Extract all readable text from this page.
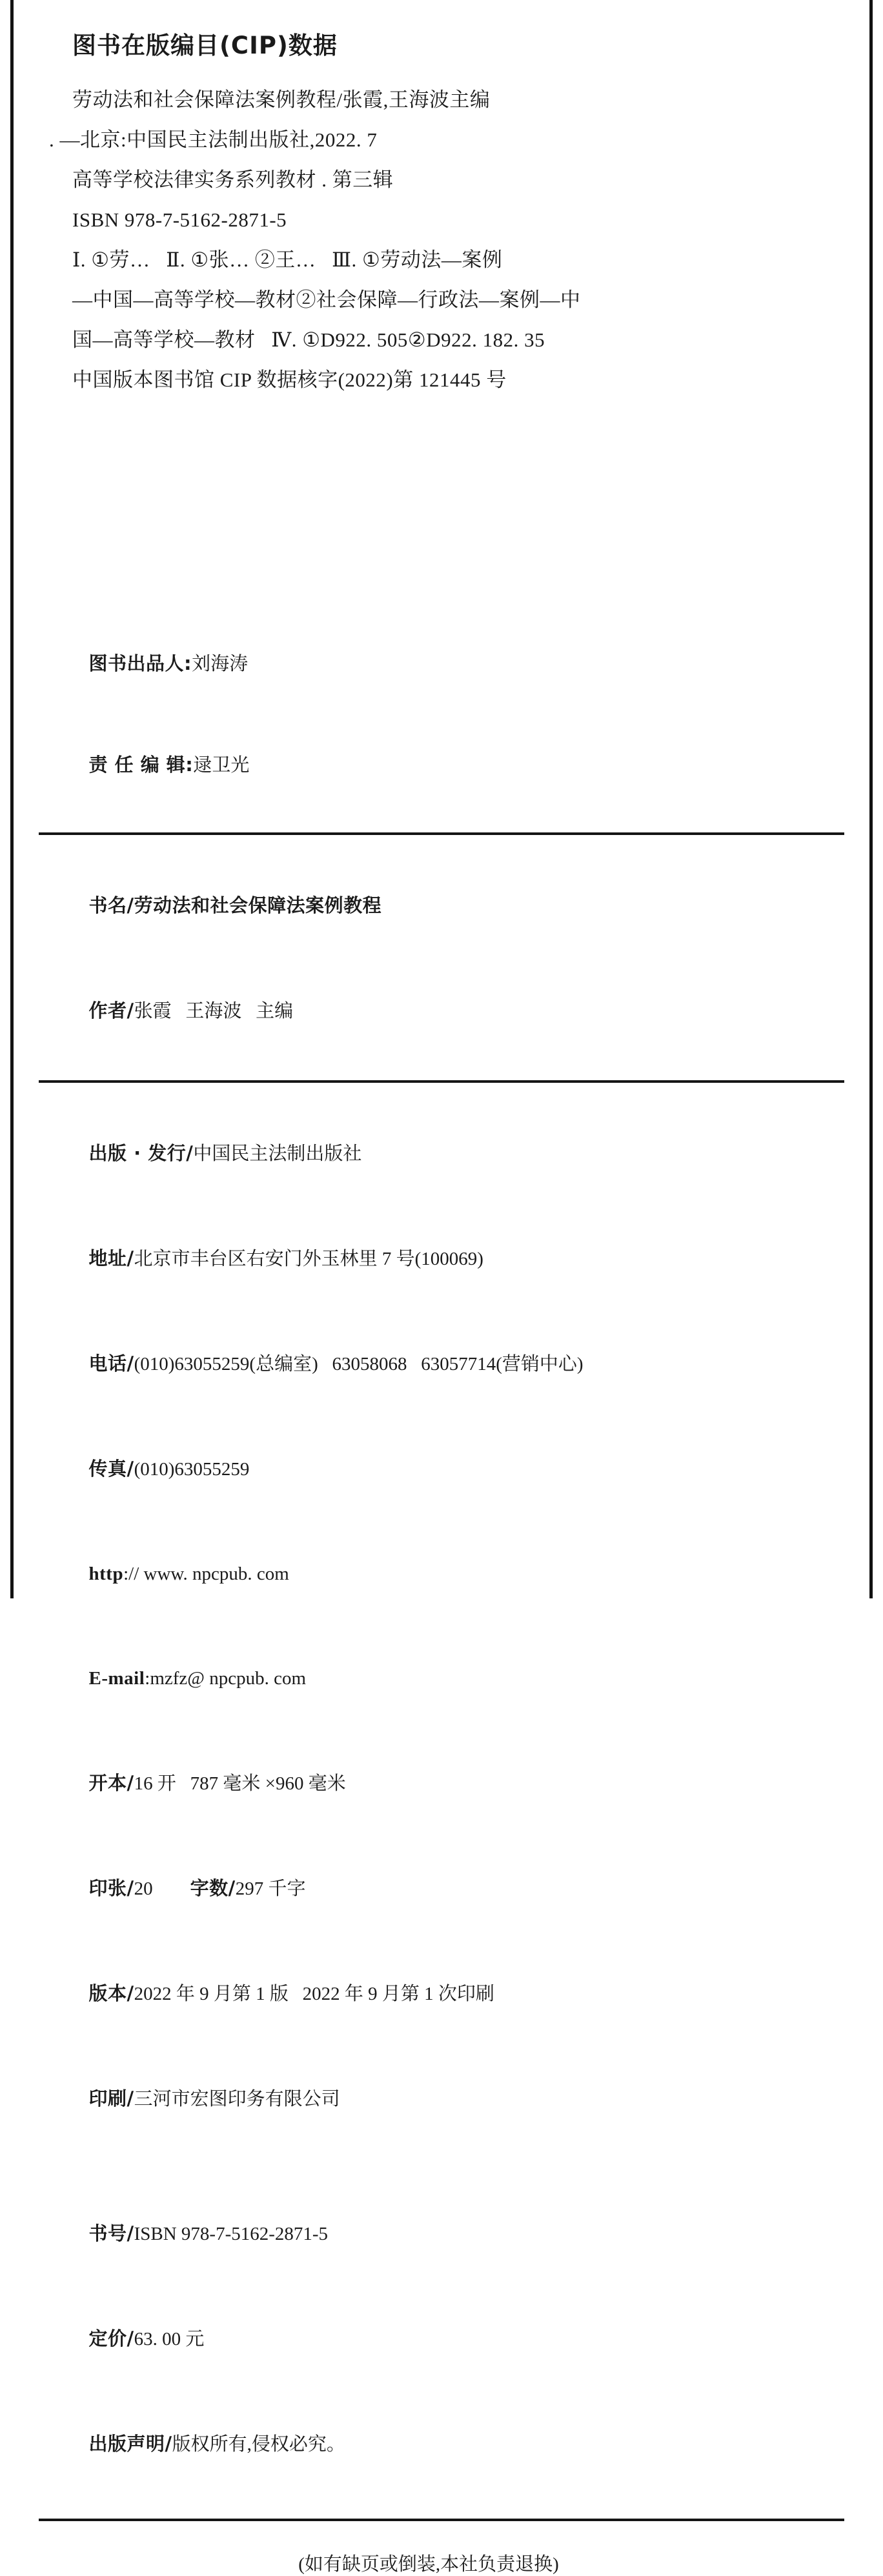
图书在版编目(CIP)数据
劳动法和社会保障法案例教程/张霞,王海波主编
. —北京:中国民主法制出版社,2022. 7
高等学校法律实务系列教材 . 第三辑
ISBN 978-7-5162-2871-5
Ⅰ. ①劳…   Ⅱ. ①张… ②王…   Ⅲ. ①劳动法—案例
—中国—高等学校—教材②社会保障—行政法—案例—中
国—高等学校—教材   Ⅳ. ①D922. 505②D922. 182. 35
中国版本图书馆 CIP 数据核字(2022)第 121445 号

图书出品人:刘海涛

责 任 编 辑:逯卫光

书名/劳动法和社会保障法案例教程

作者/张霞   王海波   主编

出版 · 发行/中国民主法制出版社

地址/北京市丰台区右安门外玉林里 7 号(100069)

电话/(010)63055259(总编室)   63058068   63057714(营销中心)

传真/(010)63055259

http:// www. npcpub. com

E-mail:mzfz@ npcpub. com

开本/16 开   787 毫米 ×960 毫米

印张/20        字数/297 千字

版本/2022 年 9 月第 1 版   2022 年 9 月第 1 次印刷

印刷/三河市宏图印务有限公司

书号/ISBN 978-7-5162-2871-5

定价/63. 00 元

出版声明/版权所有,侵权必究。

(如有缺页或倒装,本社负责退换)
